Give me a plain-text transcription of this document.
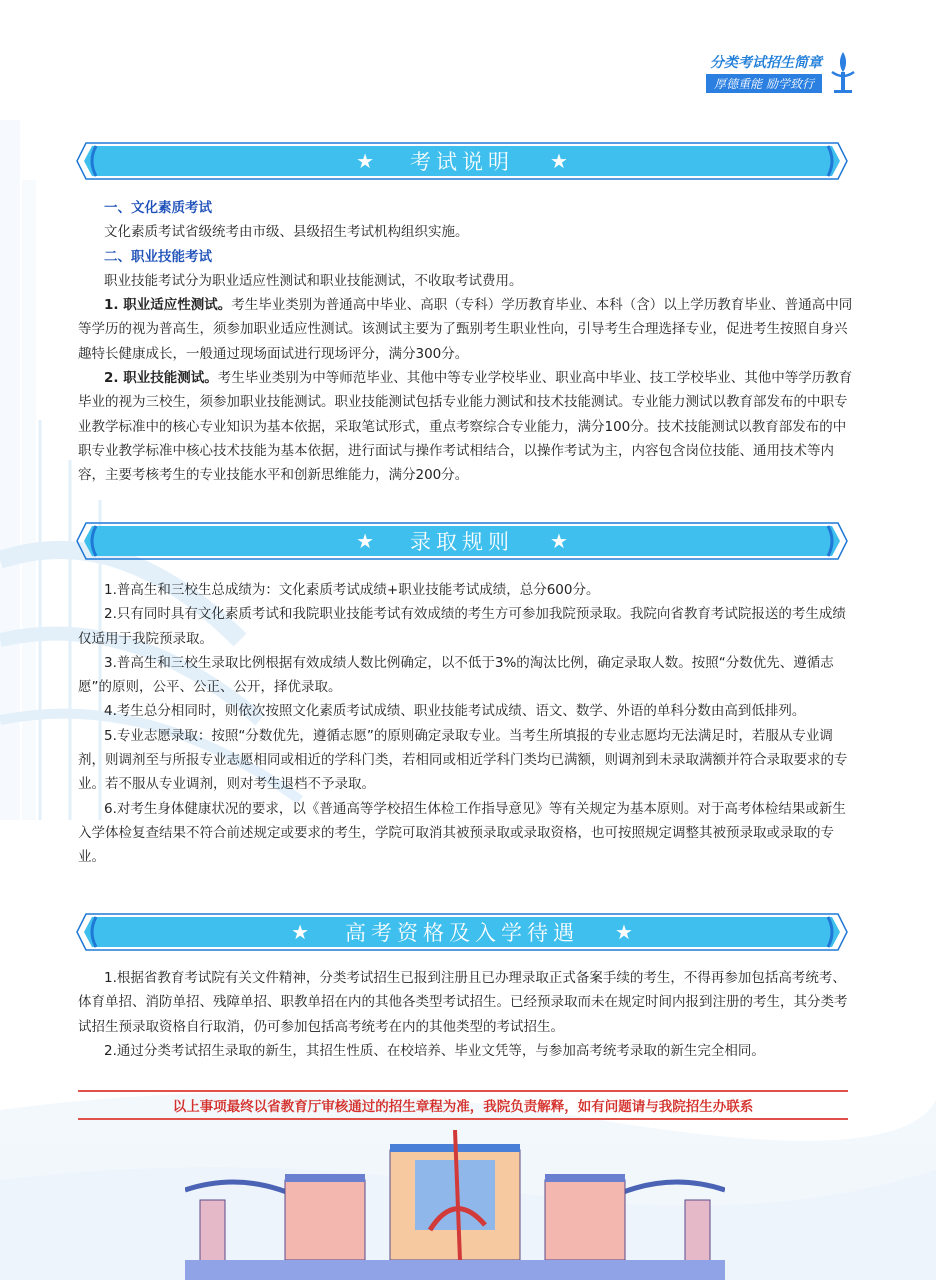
分类考试招生简章
厚德重能 励学致行
★ 考试说明 ★
一、文化素质考试
文化素质考试省级统考由市级、县级招生考试机构组织实施。
二、职业技能考试
职业技能考试分为职业适应性测试和职业技能测试，不收取考试费用。
1. 职业适应性测试。考生毕业类别为普通高中毕业、高职（专科）学历教育毕业、本科（含）以上学历教育毕业、普通高中同等学历的视为普高生，须参加职业适应性测试。该测试主要为了甄别考生职业性向，引导考生合理选择专业，促进考生按照自身兴趣特长健康成长，一般通过现场面试进行现场评分，满分300分。
2. 职业技能测试。考生毕业类别为中等师范毕业、其他中等专业学校毕业、职业高中毕业、技工学校毕业、其他中等学历教育毕业的视为三校生，须参加职业技能测试。职业技能测试包括专业能力测试和技术技能测试。专业能力测试以教育部发布的中职专业教学标准中的核心专业知识为基本依据，采取笔试形式，重点考察综合专业能力，满分100分。技术技能测试以教育部发布的中职专业教学标准中核心技术技能为基本依据，进行面试与操作考试相结合，以操作考试为主，内容包含岗位技能、通用技术等内容，主要考核考生的专业技能水平和创新思维能力，满分200分。
★ 录取规则 ★
1.普高生和三校生总成绩为：文化素质考试成绩+职业技能考试成绩，总分600分。
2.只有同时具有文化素质考试和我院职业技能考试有效成绩的考生方可参加我院预录取。我院向省教育考试院报送的考生成绩仅适用于我院预录取。
3.普高生和三校生录取比例根据有效成绩人数比例确定，以不低于3%的淘汰比例，确定录取人数。按照“分数优先、遵循志愿”的原则，公平、公正、公开，择优录取。
4.考生总分相同时，则依次按照文化素质考试成绩、职业技能考试成绩、语文、数学、外语的单科分数由高到低排列。
5.专业志愿录取：按照“分数优先，遵循志愿”的原则确定录取专业。当考生所填报的专业志愿均无法满足时，若服从专业调剂，则调剂至与所报专业志愿相同或相近的学科门类，若相同或相近学科门类均已满额，则调剂到未录取满额并符合录取要求的专业。若不服从专业调剂，则对考生退档不予录取。
6.对考生身体健康状况的要求，以《普通高等学校招生体检工作指导意见》等有关规定为基本原则。对于高考体检结果或新生入学体检复查结果不符合前述规定或要求的考生，学院可取消其被预录取或录取资格，也可按照规定调整其被预录取或录取的专业。
★ 高考资格及入学待遇 ★
1.根据省教育考试院有关文件精神，分类考试招生已报到注册且已办理录取正式备案手续的考生，不得再参加包括高考统考、体育单招、消防单招、残障单招、职教单招在内的其他各类型考试招生。已经预录取而未在规定时间内报到注册的考生，其分类考试招生预录取资格自行取消，仍可参加包括高考统考在内的其他类型的考试招生。
2.通过分类考试招生录取的新生，其招生性质、在校培养、毕业文凭等，与参加高考统考录取的新生完全相同。
以上事项最终以省教育厅审核通过的招生章程为准，我院负责解释，如有问题请与我院招生办联系
